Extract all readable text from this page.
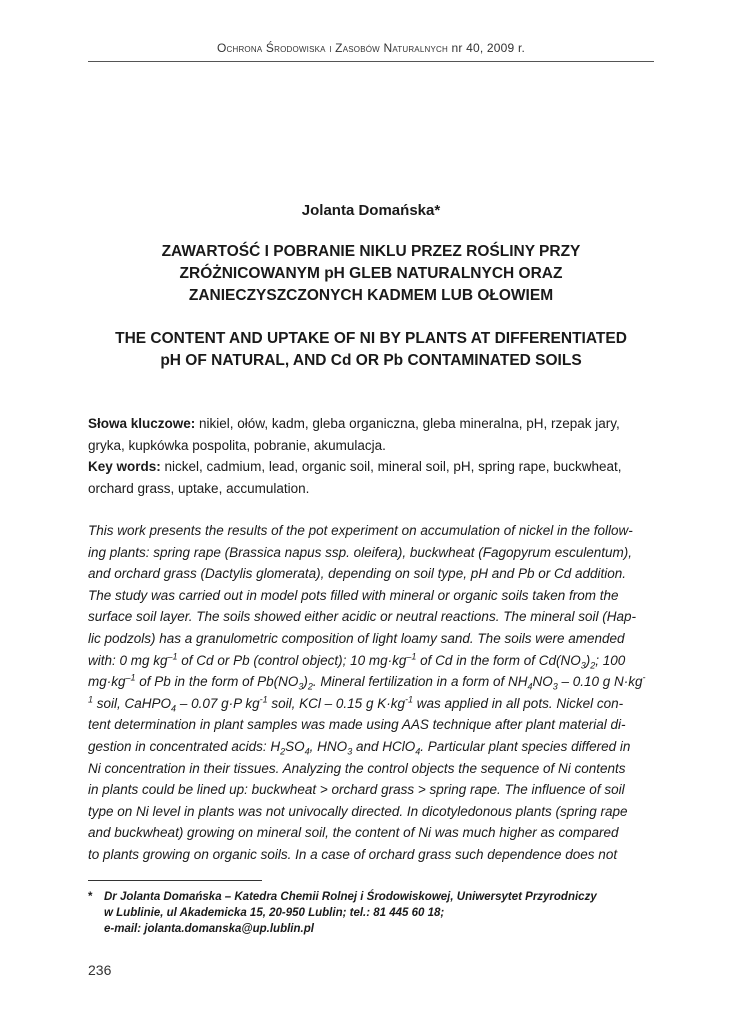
Ochrona Środowiska i Zasobów Naturalnych nr 40, 2009 r.
Jolanta Domańska*
ZAWARTOŚĆ I POBRANIE NIKLU PRZEZ ROŚLINY PRZY
ZRÓŻNICOWANYM pH GLEB NATURALNYCH ORAZ
ZANIECZYSZCZONYCH KADMEM LUB OŁOWIEM
THE CONTENT AND UPTAKE OF NI BY PLANTS AT DIFFERENTIATED
pH OF NATURAL, AND Cd OR Pb CONTAMINATED SOILS

Słowa kluczowe: nikiel, ołów, kadm, gleba organiczna, gleba mineralna, pH, rzepak jary, gryka, kupkówka pospolita, pobranie, akumulacja.

Key words: nickel, cadmium, lead, organic soil, mineral soil, pH, spring rape, buckwheat, orchard grass, uptake, accumulation.

This work presents the results of the pot experiment on accumulation of nickel in the follow-
ing plants: spring rape (Brassica napus ssp. oleifera), buckwheat (Fagopyrum esculentum),
and orchard grass (Dactylis glomerata), depending on soil type, pH and Pb or Cd addition.
The study was carried out in model pots filled with mineral or organic soils taken from the
surface soil layer. The soils showed either acidic or neutral reactions. The mineral soil (Hap-
lic podzols) has a granulometric composition of light loamy sand. The soils were amended
with: 0 mg $kg^{-1}$ of Cd or Pb (control object); 10 $mg\cdot kg^{-1}$ of Cd in the form of $Cd(NO_3)_2$; 100
$mg\cdot kg^{-1}$ of Pb in the form of $Pb(NO_3)_2$. Mineral fertilization in a form of $NH_4NO_3 - 0.10$ g N·kg-
$^1$ soil, CaHPO$_4$ – 0.07 g·P $kg^{-1}$ soil, KCl – 0.15 g $K\cdot kg^{-1}$ was applied in all pots. Nickel con-
tent determination in plant samples was made using AAS technique after plant material di-
gestion in concentrated acids: $H_2SO_4$, $HNO_3$ and HClO$_4$. Particular plant species differed in
Ni concentration in their tissues. Analyzing the control objects the sequence of Ni contents
in plants could be lined up: buckwheat > orchard grass > spring rape. The influence of soil
type on Ni level in plants was not univocally directed. In dicotyledonous plants (spring rape
and buckwheat) growing on mineral soil, the content of Ni was much higher as compared
to plants growing on organic soils. In a case of orchard grass such dependence does not
* Dr Jolanta Domańska – Katedra Chemii Rolnej i Środowiskowej, Uniwersytet Przyrodniczy
w Lublinie, ul Akademicka 15, 20-950 Lublin; tel.: 81 445 60 18;
e-mail: jolanta.domanska@up.lublin.pl
236
